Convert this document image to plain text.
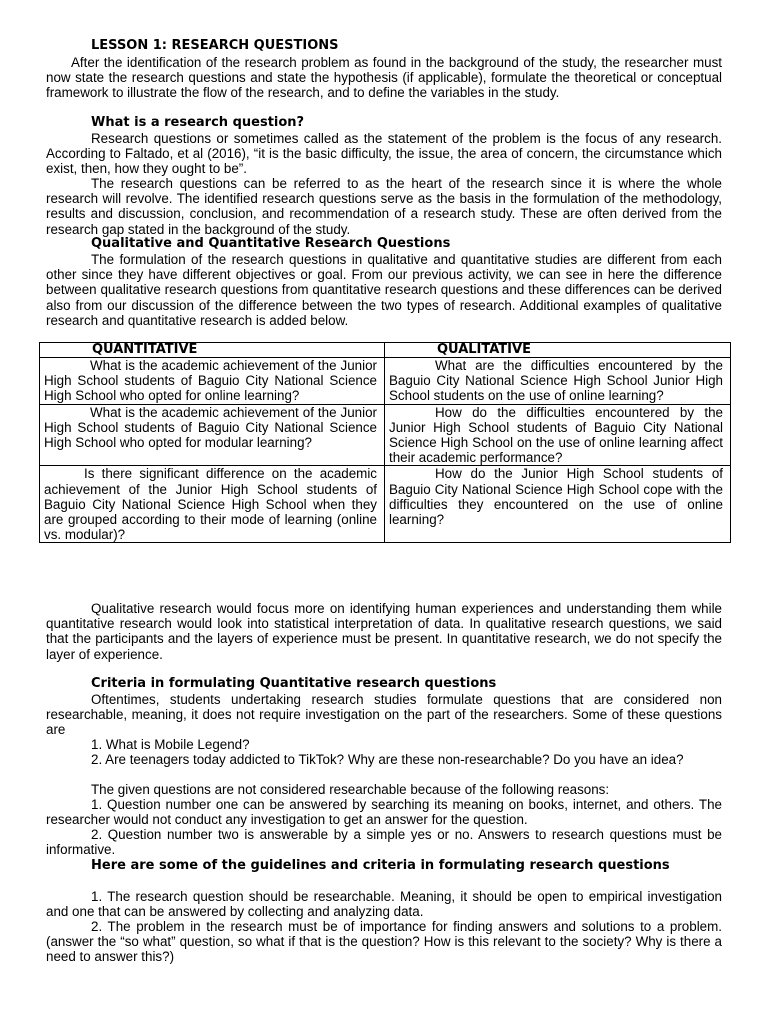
LESSON 1: RESEARCH QUESTIONS

After the identification of the research problem as found in the background of the study, the researcher must now state the research questions and state the hypothesis (if applicable), formulate the theoretical or conceptual framework to illustrate the flow of the research, and to define the variables in the study.

What is a research question?

Research questions or sometimes called as the statement of the problem is the focus of any research. According to Faltado, et al (2016), “it is the basic difficulty, the issue, the area of concern, the circumstance which exist, then, how they ought to be”.

The research questions can be referred to as the heart of the research since it is where the whole research will revolve. The identified research questions serve as the basis in the formulation of the methodology, results and discussion, conclusion, and recommendation of a research study. These are often derived from the research gap stated in the background of the study.

Qualitative and Quantitative Research Questions

The formulation of the research questions in qualitative and quantitative studies are different from each other since they have different objectives or goal. From our previous activity, we can see in here the difference between qualitative research questions from quantitative research questions and these differences can be derived also from our discussion of the difference between the two types of research. Additional examples of qualitative research and quantitative research is added below.

QUANTITATIVE	QUALITATIVE
What is the academic achievement of the Junior High School students of Baguio City National Science High School who opted for online learning?	What are the difficulties encountered by the Baguio City National Science High School Junior High School students on the use of online learning?
What is the academic achievement of the Junior High School students of Baguio City National Science High School who opted for modular learning?	How do the difficulties encountered by the Junior High School students of Baguio City National Science High School on the use of online learning affect their academic performance?
Is there significant difference on the academic achievement of the Junior High School students of Baguio City National Science High School when they are grouped according to their mode of learning (online vs. modular)?	How do the Junior High School students of Baguio City National Science High School cope with the difficulties they encountered on the use of online learning?

Qualitative research would focus more on identifying human experiences and understanding them while quantitative research would look into statistical interpretation of data. In qualitative research questions, we said that the participants and the layers of experience must be present. In quantitative research, we do not specify the layer of experience.

Criteria in formulating Quantitative research questions

Oftentimes, students undertaking research studies formulate questions that are considered non researchable, meaning, it does not require investigation on the part of the researchers. Some of these questions are

1. What is Mobile Legend?

2. Are teenagers today addicted to TikTok? Why are these non-researchable? Do you have an idea?

The given questions are not considered researchable because of the following reasons:

1. Question number one can be answered by searching its meaning on books, internet, and others. The researcher would not conduct any investigation to get an answer for the question.

2. Question number two is answerable by a simple yes or no. Answers to research questions must be informative.

Here are some of the guidelines and criteria in formulating research questions

1. The research question should be researchable. Meaning, it should be open to empirical investigation and one that can be answered by collecting and analyzing data.

2. The problem in the research must be of importance for finding answers and solutions to a problem. (answer the “so what” question, so what if that is the question? How is this relevant to the society? Why is there a need to answer this?)
